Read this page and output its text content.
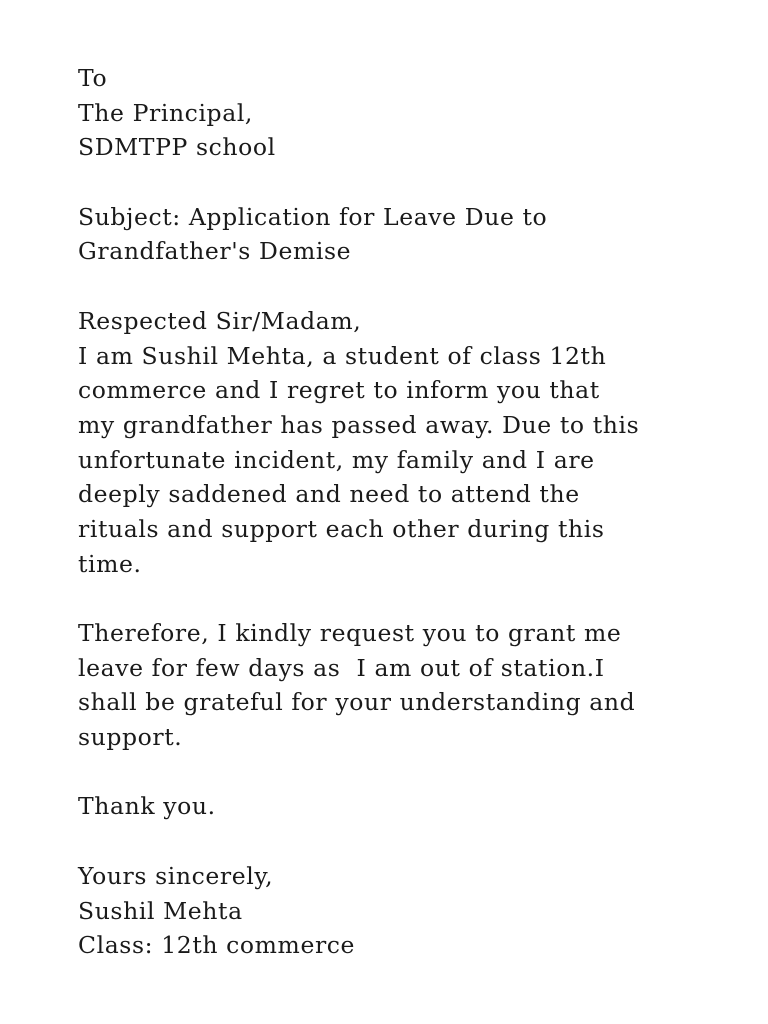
To
The Principal,
SDMTPP school
Subject: Application for Leave Due to
Grandfather's Demise
Respected Sir/Madam,
I am Sushil Mehta, a student of class 12th
commerce and I regret to inform you that
my grandfather has passed away. Due to this
unfortunate incident, my family and I are
deeply saddened and need to attend the
rituals and support each other during this
time.
Therefore, I kindly request you to grant me
leave for few days as  I am out of station.I
shall be grateful for your understanding and
support.
Thank you.
Yours sincerely,
Sushil Mehta
Class: 12th commerce
